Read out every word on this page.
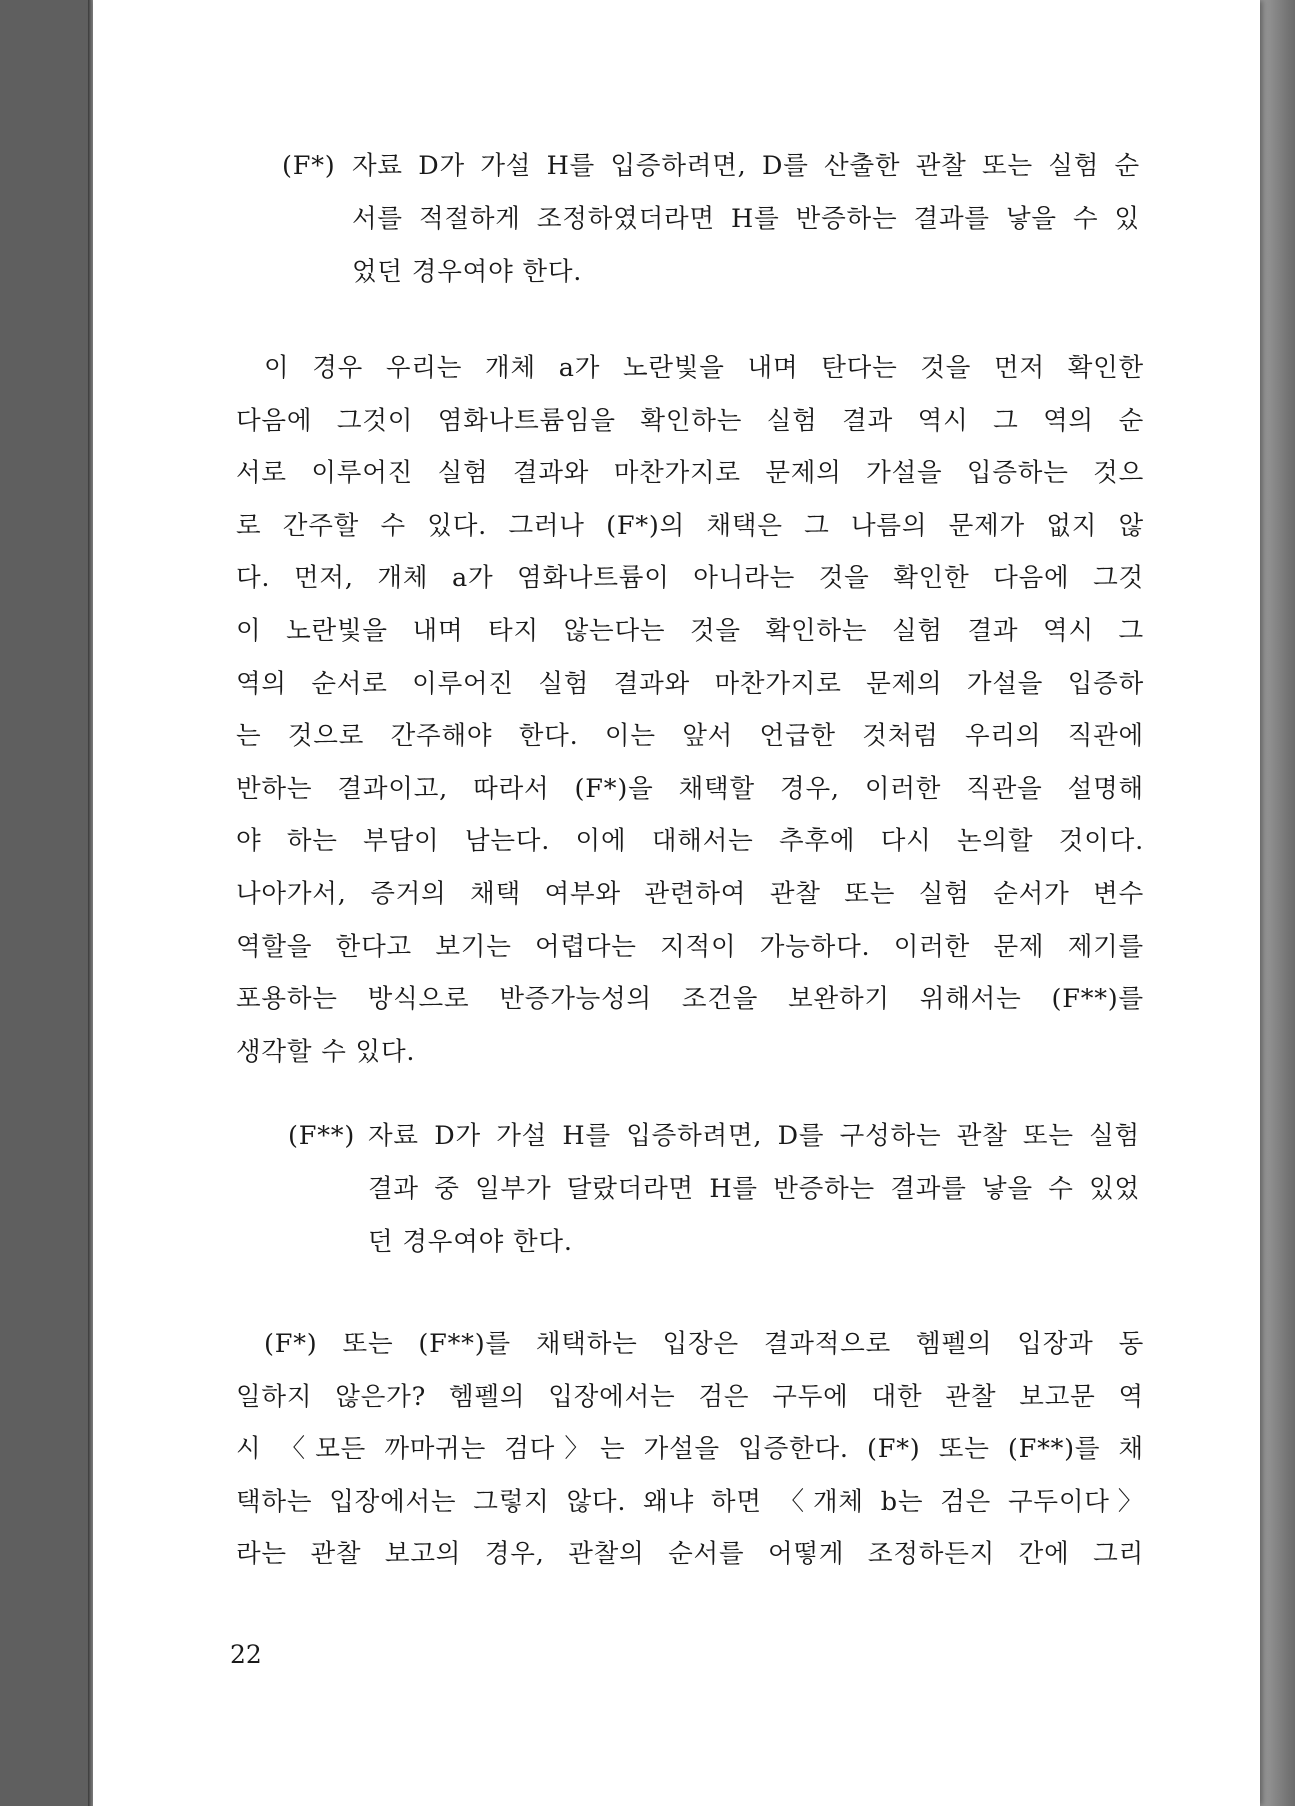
(F*) 자료 D가 가설 H를 입증하려면, D를 산출한 관찰 또는 실험 순
서를 적절하게 조정하였더라면 H를 반증하는 결과를 낳을 수 있
었던 경우여야 한다.
이 경우 우리는 개체 a가 노란빛을 내며 탄다는 것을 먼저 확인한
다음에 그것이 염화나트륨임을 확인하는 실험 결과 역시 그 역의 순
서로 이루어진 실험 결과와 마찬가지로 문제의 가설을 입증하는 것으
로 간주할 수 있다. 그러나 (F*)의 채택은 그 나름의 문제가 없지 않
다. 먼저, 개체 a가 염화나트륨이 아니라는 것을 확인한 다음에 그것
이 노란빛을 내며 타지 않는다는 것을 확인하는 실험 결과 역시 그
역의 순서로 이루어진 실험 결과와 마찬가지로 문제의 가설을 입증하
는 것으로 간주해야 한다. 이는 앞서 언급한 것처럼 우리의 직관에
반하는 결과이고, 따라서 (F*)을 채택할 경우, 이러한 직관을 설명해
야 하는 부담이 남는다. 이에 대해서는 추후에 다시 논의할 것이다.
나아가서, 증거의 채택 여부와 관련하여 관찰 또는 실험 순서가 변수
역할을 한다고 보기는 어렵다는 지적이 가능하다. 이러한 문제 제기를
포용하는 방식으로 반증가능성의 조건을 보완하기 위해서는 (F**)를
생각할 수 있다.
(F**) 자료 D가 가설 H를 입증하려면, D를 구성하는 관찰 또는 실험
결과 중 일부가 달랐더라면 H를 반증하는 결과를 낳을 수 있었
던 경우여야 한다.
(F*) 또는 (F**)를 채택하는 입장은 결과적으로 헴펠의 입장과 동
일하지 않은가? 헴펠의 입장에서는 검은 구두에 대한 관찰 보고문 역
시 〈모든 까마귀는 검다〉는 가설을 입증한다. (F*) 또는 (F**)를 채
택하는 입장에서는 그렇지 않다. 왜냐 하면 〈개체 b는 검은 구두이다〉
라는 관찰 보고의 경우, 관찰의 순서를 어떻게 조정하든지 간에 그리
22
